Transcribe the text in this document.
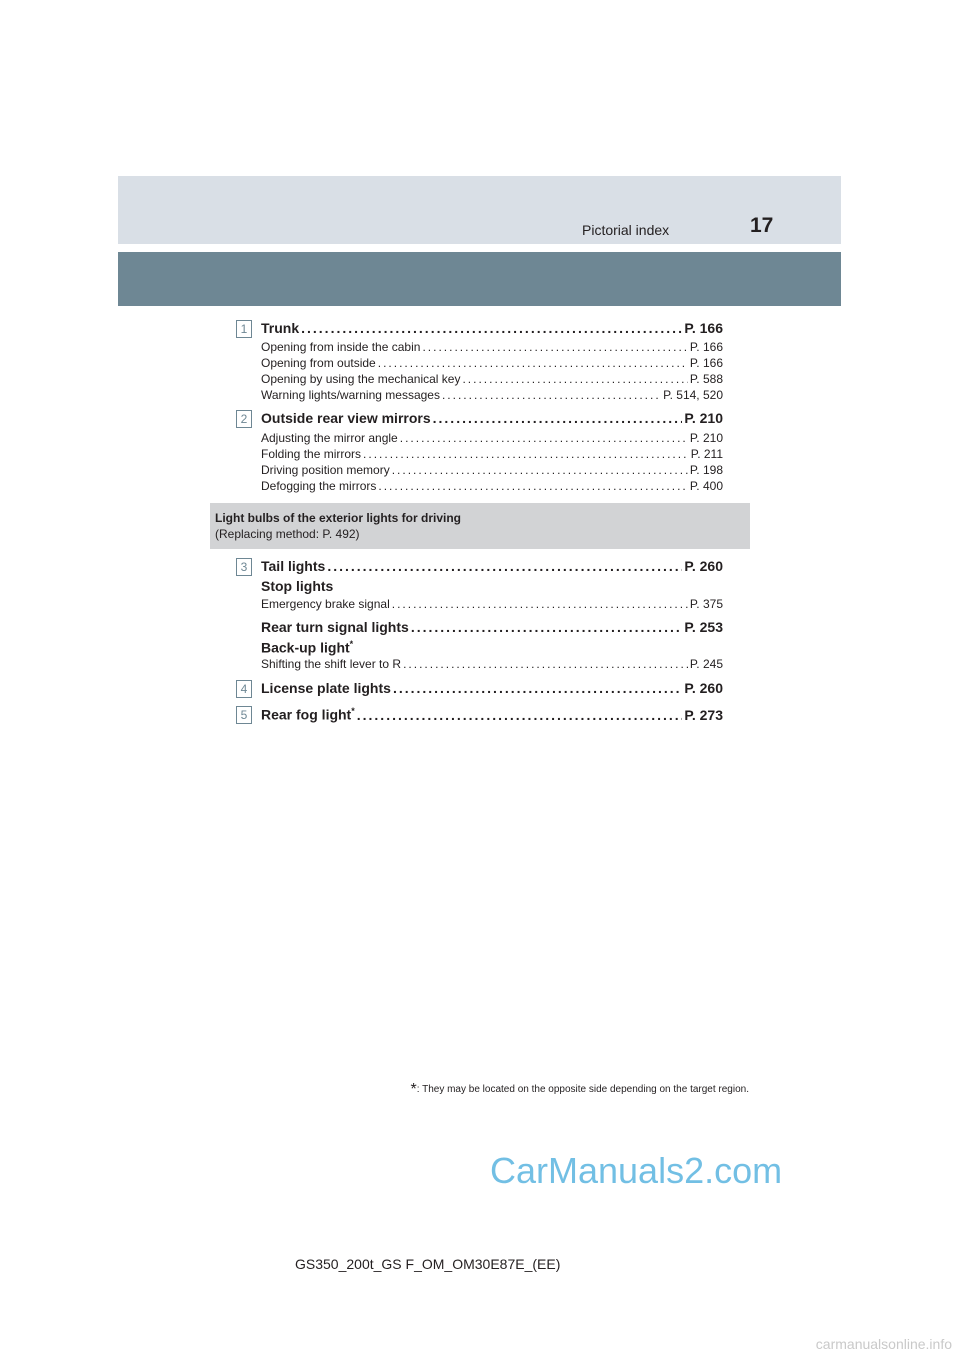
Pictorial index	17
1 Trunk .....	P. 166
Opening from inside the cabin .....	P. 166
Opening from outside .....	P. 166
Opening by using the mechanical key .....	P. 588
Warning lights/warning messages .....	P. 514, 520
2 Outside rear view mirrors .....	P. 210
Adjusting the mirror angle .....	P. 210
Folding the mirrors .....	P. 211
Driving position memory .....	P. 198
Defogging the mirrors .....	P. 400
Light bulbs of the exterior lights for driving
(Replacing method: P. 492)
3 Tail lights .....	P. 260
Stop lights
Emergency brake signal .....	P. 375
Rear turn signal lights .....	P. 253
Back-up light*
Shifting the shift lever to R .....	P. 245
4 License plate lights .....	P. 260
5 Rear fog light* .....	P. 273
*: They may be located on the opposite side depending on the target region.
CarManuals2.com
GS350_200t_GS F_OM_OM30E87E_(EE)
carmanualsonline.info
